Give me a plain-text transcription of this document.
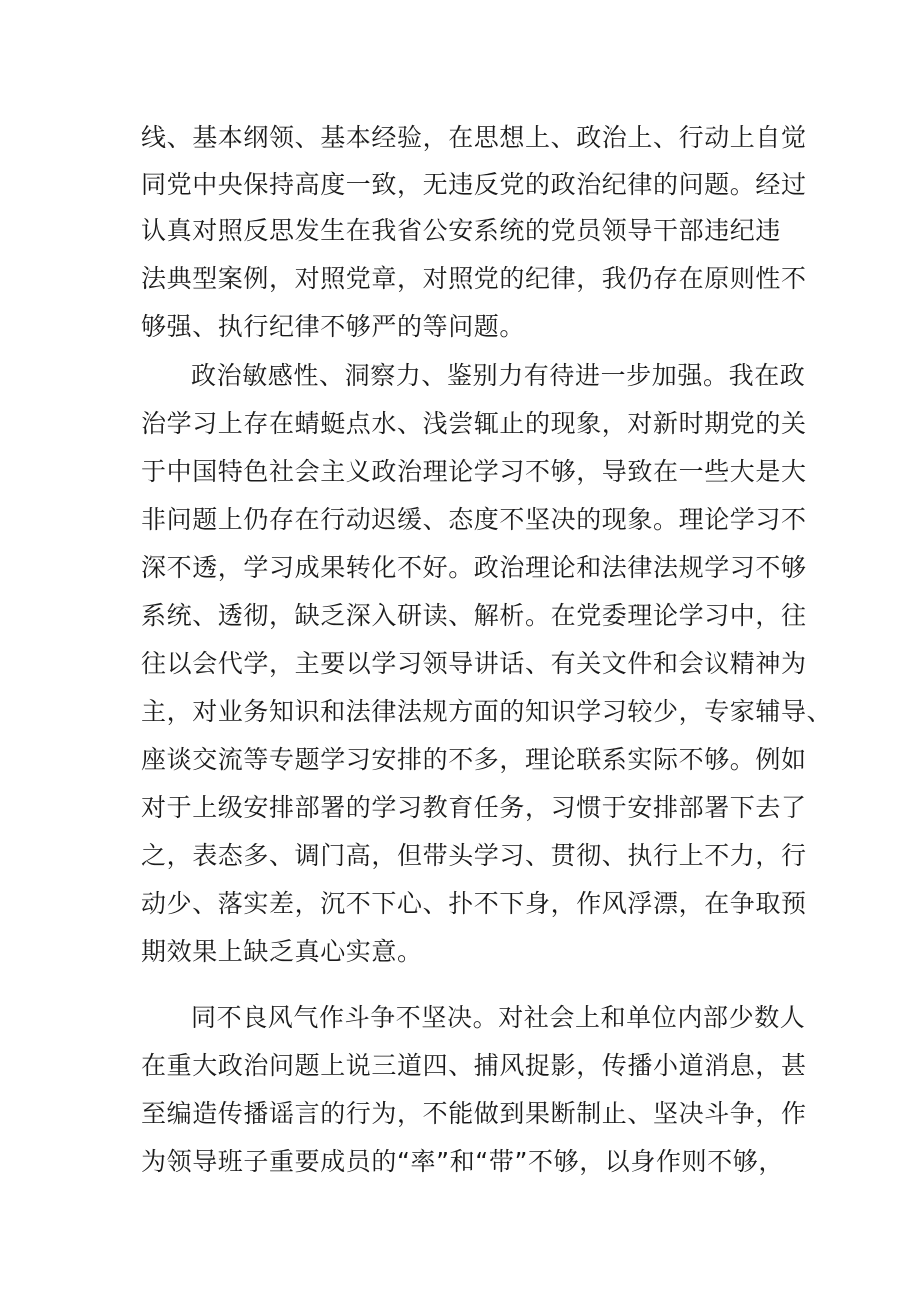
线、基本纲领、基本经验，在思想上、政治上、行动上自觉
同党中央保持高度一致，无违反党的政治纪律的问题。经过
认真对照反思发生在我省公安系统的党员领导干部违纪违
法典型案例，对照党章，对照党的纪律，我仍存在原则性不
够强、执行纪律不够严的等问题。
政治敏感性、洞察力、鉴别力有待进一步加强。我在政
治学习上存在蜻蜓点水、浅尝辄止的现象，对新时期党的关
于中国特色社会主义政治理论学习不够，导致在一些大是大
非问题上仍存在行动迟缓、态度不坚决的现象。理论学习不
深不透，学习成果转化不好。政治理论和法律法规学习不够
系统、透彻，缺乏深入研读、解析。在党委理论学习中，往
往以会代学，主要以学习领导讲话、有关文件和会议精神为
主，对业务知识和法律法规方面的知识学习较少，专家辅导、
座谈交流等专题学习安排的不多，理论联系实际不够。例如
对于上级安排部署的学习教育任务，习惯于安排部署下去了
之，表态多、调门高，但带头学习、贯彻、执行上不力，行
动少、落实差，沉不下心、扑不下身，作风浮漂，在争取预
期效果上缺乏真心实意。
同不良风气作斗争不坚决。对社会上和单位内部少数人
在重大政治问题上说三道四、捕风捉影，传播小道消息，甚
至编造传播谣言的行为，不能做到果断制止、坚决斗争，作
为领导班子重要成员的“率”和“带”不够，以身作则不够，
